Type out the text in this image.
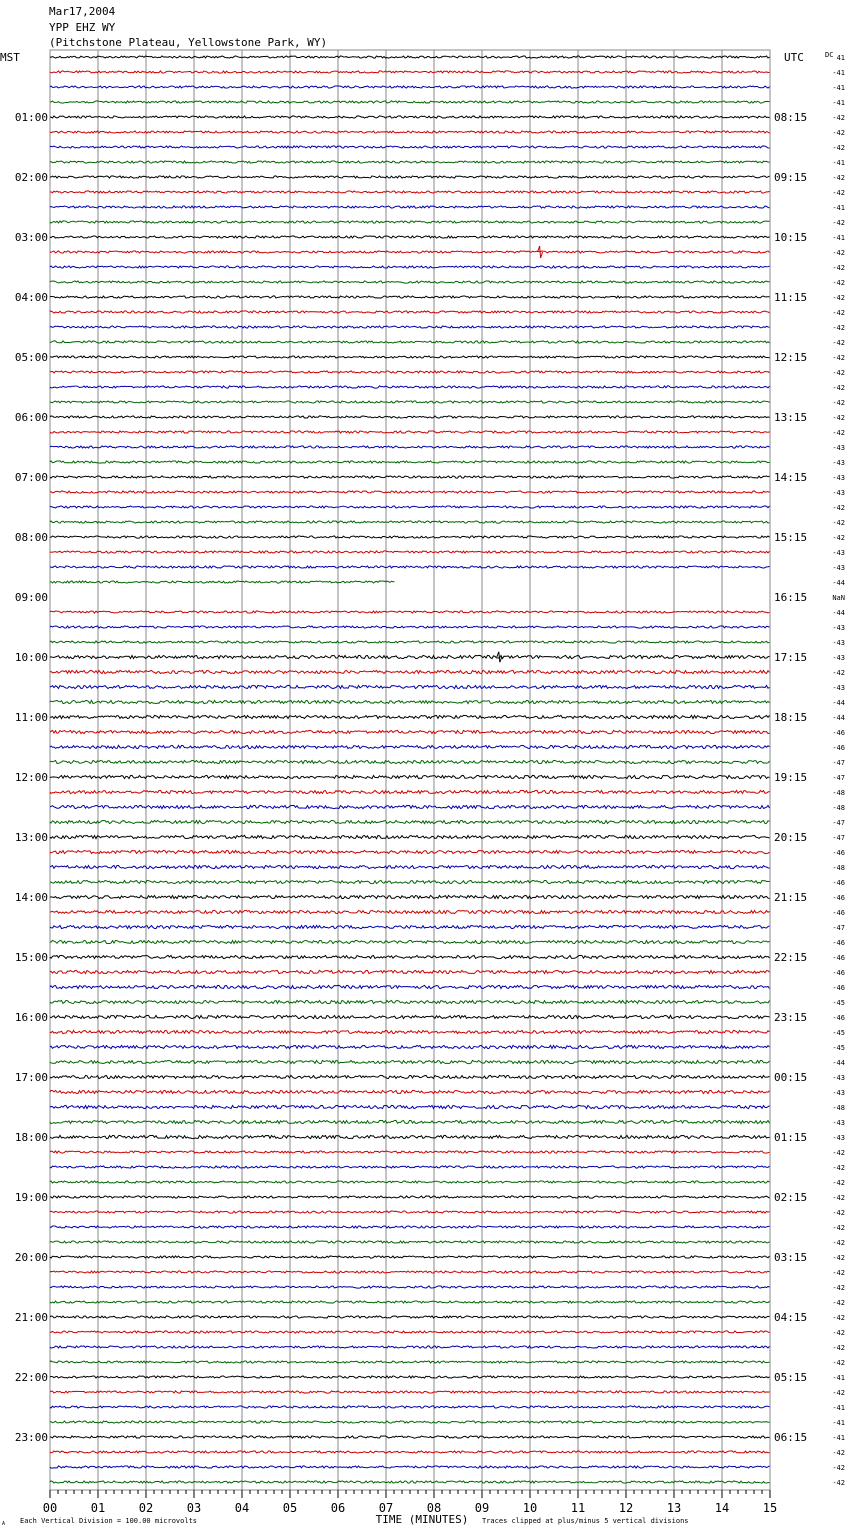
Mar17,2004
YPP EHZ WY
(Pitchstone Plateau, Yellowstone Park, WY)
MST	UTC	DC
01:00
02:00
03:00
04:00
05:00
06:00
07:00
08:00
09:00
10:00
11:00
12:00
13:00
14:00
15:00
16:00
17:00
18:00
19:00
20:00
21:00
22:00
23:00
08:15
09:15
10:15
11:15
12:15
13:15
14:15
15:15
16:15
17:15
18:15
19:15
20:15
21:15
22:15
23:15
00:15
01:15
02:15
03:15
04:15
05:15
06:15
41
-41
-41
-41
-42
-42
-42
-41
-42
-42
-41
-42
-41
-42
-42
-42
-42
-42
-42
-42
-42
-42
-42
-42
-42
-42
-43
-43
-43
-43
-42
-42
-42
-43
-43
-44
NaN
-44
-43
-43
-43
-42
-43
-44
-44
-46
-46
-47
-47
-48
-48
-47
-47
-46
-48
-46
-46
-46
-47
-46
-46
-46
-46
-45
-46
-45
-45
-44
-43
-43
-48
-43
-43
-42
-42
-42
-42
-42
-42
-42
-42
-42
-42
-42
-42
-42
-42
-42
-41
-42
-41
-41
-41
-42
-42
-42
00	01	02	03	04	05	06	07	08	09	10	11	12	13	14	15
TIME (MINUTES)
Each Vertical Division = 100.00 microvolts	Traces clipped at plus/minus 5 vertical divisions
A
